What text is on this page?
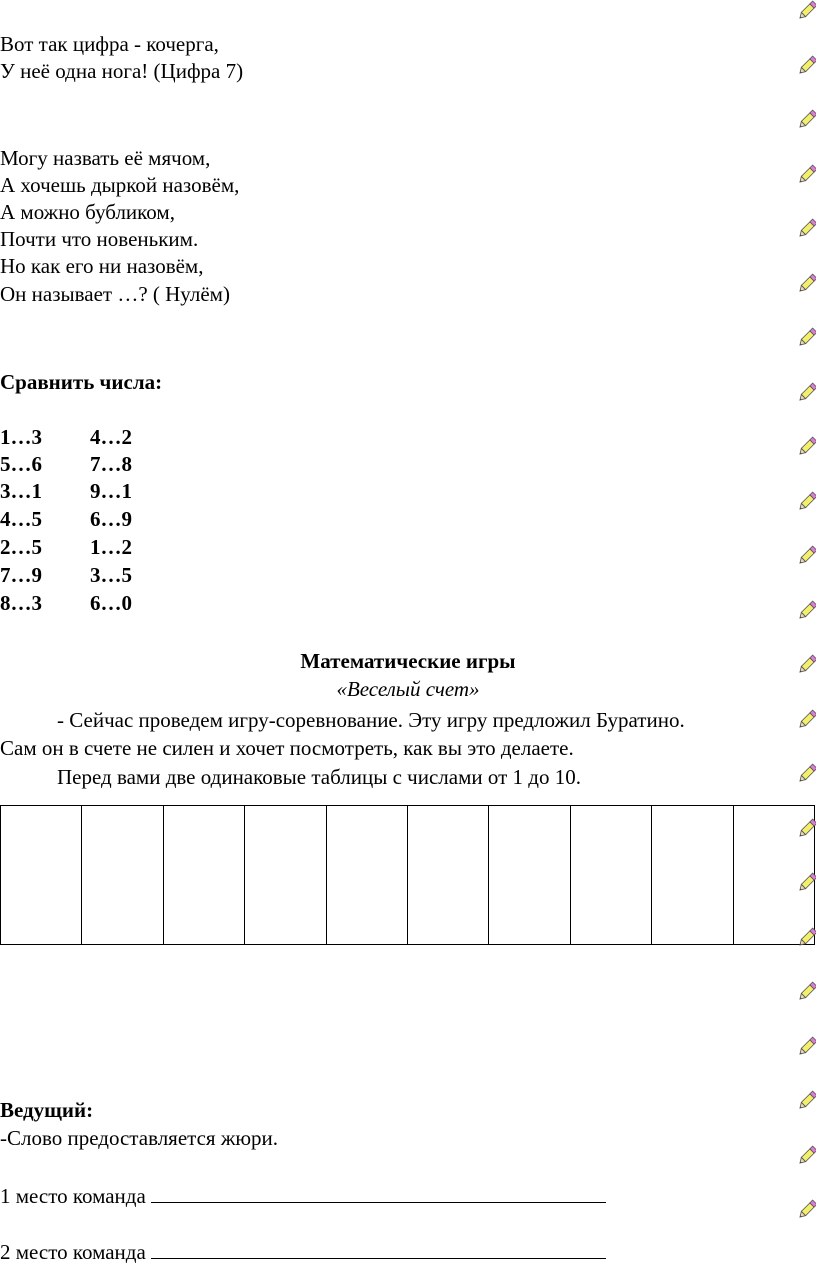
Вот так цифра - кочерга,
У неё одна нога! (Цифра 7)
Могу назвать её мячом,
А хочешь дыркой назовём,
А можно бубликом,
Почти что новеньким.
Но как его ни назовём,
Он называет …? ( Нулём)
Сравнить числа:
1…3 4…2
5…6 7…8
3…1 9…1
4…5 6…9
2…5 1…2
7…9 3…5
8…3 6…0
Математические игры
«Веселый счет»
- Сейчас проведем игру-соревнование. Эту игру предложил Буратино.
Сам он в счете не силен и хочет посмотреть, как вы это делаете.
Перед вами две одинаковые таблицы с числами от 1 до 10.
Ведущий:
-Слово предоставляется жюри.
1 место команда
2 место команда
